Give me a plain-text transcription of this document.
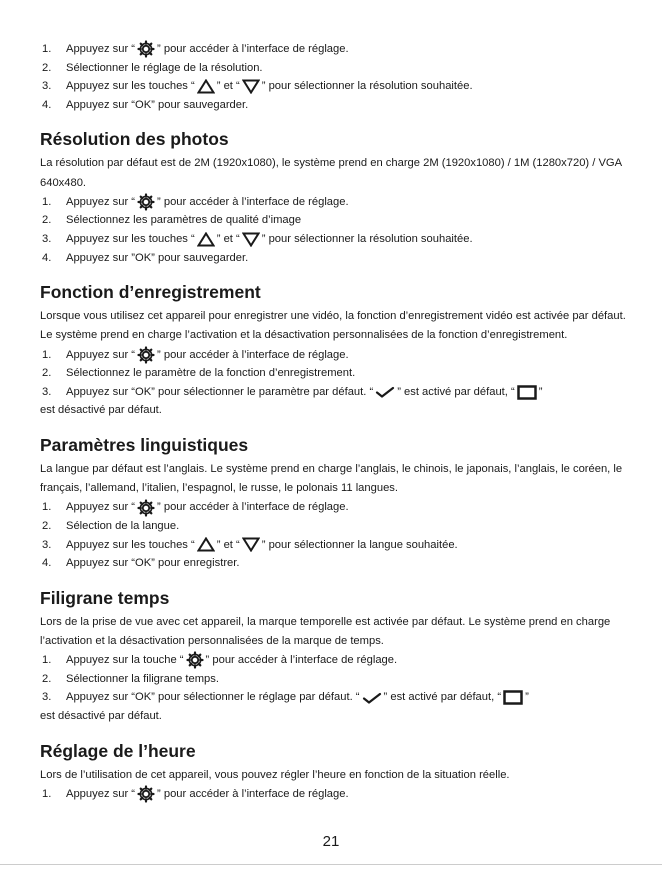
1.	Appuyez sur “ ” pour accéder à l’interface de réglage.
2.	Sélectionner le réglage de la résolution.
3.	Appuyez sur les touches “ ” et “ ” pour sélectionner la résolution souhaitée.
4.	Appuyez sur “OK” pour sauvegarder.
Résolution des photos

La résolution par défaut est de 2M (1920x1080), le système prend en charge 2M (1920x1080) / 1M (1280x720) / VGA 640x480.

1.	Appuyez sur “ ” pour accéder à l’interface de réglage.
2.	Sélectionnez les paramètres de qualité d’image
3.	Appuyez sur les touches “ ” et “ ” pour sélectionner la résolution souhaitée.
4.	Appuyez sur ”OK” pour sauvegarder.
Fonction d’enregistrement

Lorsque vous utilisez cet appareil pour enregistrer une vidéo, la fonction d’enregistrement vidéo est activée par défaut. Le système prend en charge l’activation et la désactivation personnalisées de la fonction d’enregistrement.

1.	Appuyez sur “ ” pour accéder à l’interface de réglage.
2.	Sélectionnez le paramètre de la fonction d’enregistrement.
3.	Appuyez sur “OK” pour sélectionner le paramètre par défaut. “ ” est activé par défaut, “ ”
est désactivé par défaut.
Paramètres linguistiques

La langue par défaut est l’anglais. Le système prend en charge l’anglais, le chinois, le japonais, l’anglais, le coréen, le français, l’allemand, l’italien, l’espagnol, le russe, le polonais 11 langues.

1.	Appuyez sur “ ” pour accéder à l’interface de réglage.
2.	Sélection de la langue.
3.	Appuyez sur les touches “ ” et “ ” pour sélectionner la langue souhaitée.
4.	Appuyez sur “OK” pour enregistrer.
Filigrane temps

Lors de la prise de vue avec cet appareil, la marque temporelle est activée par défaut. Le système prend en charge l’activation et la désactivation personnalisées de la marque de temps.

1.	Appuyez sur la touche “ ” pour accéder à l’interface de réglage.
2.	Sélectionner la filigrane temps.
3.	Appuyez sur “OK” pour sélectionner le réglage par défaut. “ ” est activé par défaut, “ ”
est désactivé par défaut.
Réglage de l’heure

Lors de l’utilisation de cet appareil, vous pouvez régler l’heure en fonction de la situation réelle.

1.	Appuyez sur “ ” pour accéder à l’interface de réglage.
21
